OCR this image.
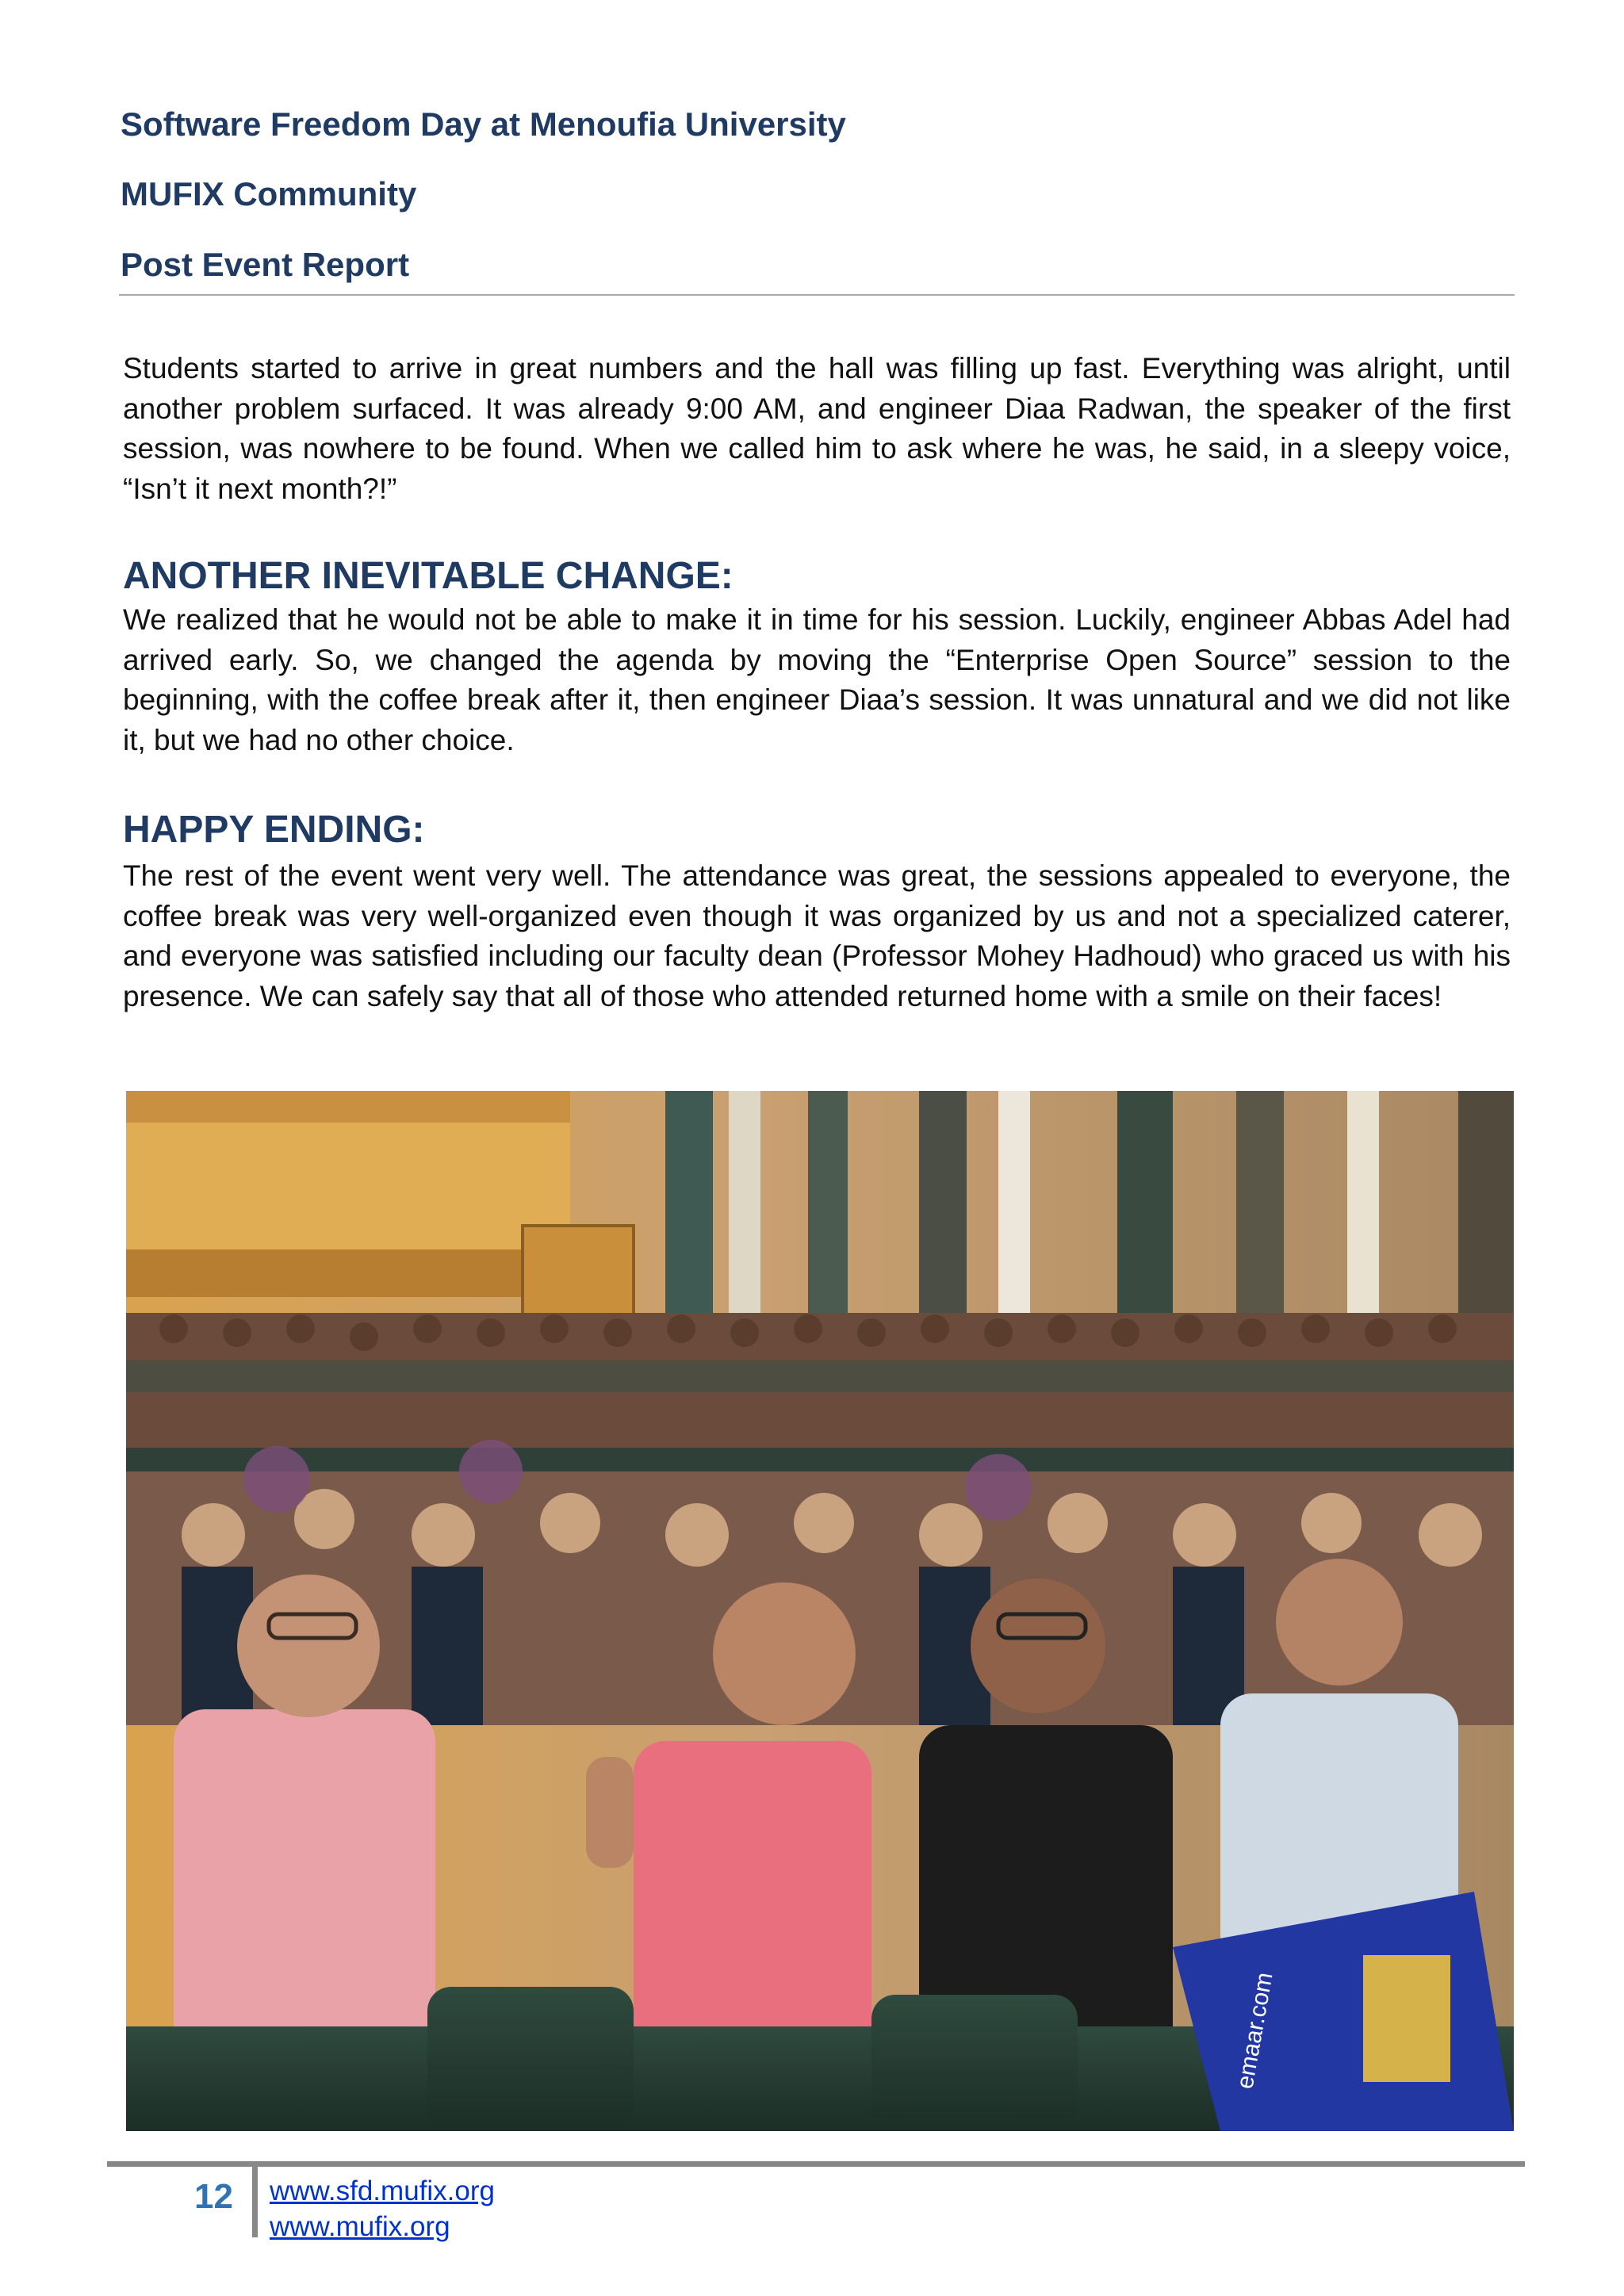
Software Freedom Day at Menoufia University

MUFIX Community

Post Event Report

Students started to arrive in great numbers and the hall was filling up fast. Everything was alright, until another problem surfaced. It was already 9:00 AM, and engineer Diaa Radwan, the speaker of the first session, was nowhere to be found. When we called him to ask where he was, he said, in a sleepy voice, “Isn’t it next month?!”

ANOTHER INEVITABLE CHANGE:

We realized that he would not be able to make it in time for his session. Luckily, engineer Abbas Adel had arrived early. So, we changed the agenda by moving the “Enterprise Open Source” session to the beginning, with the coffee break after it, then engineer Diaa’s session. It was unnatural and we did not like it, but we had no other choice.

HAPPY ENDING:

The rest of the event went very well. The attendance was great, the sessions appealed to everyone, the coffee break was very well-organized even though it was organized by us and not a specialized caterer, and everyone was satisfied including our faculty dean (Professor Mohey Hadhoud) who graced us with his presence. We can safely say that all of those who attended returned home with a smile on their faces!

emaar.com
12 www.sfd.mufix.org
www.mufix.org
